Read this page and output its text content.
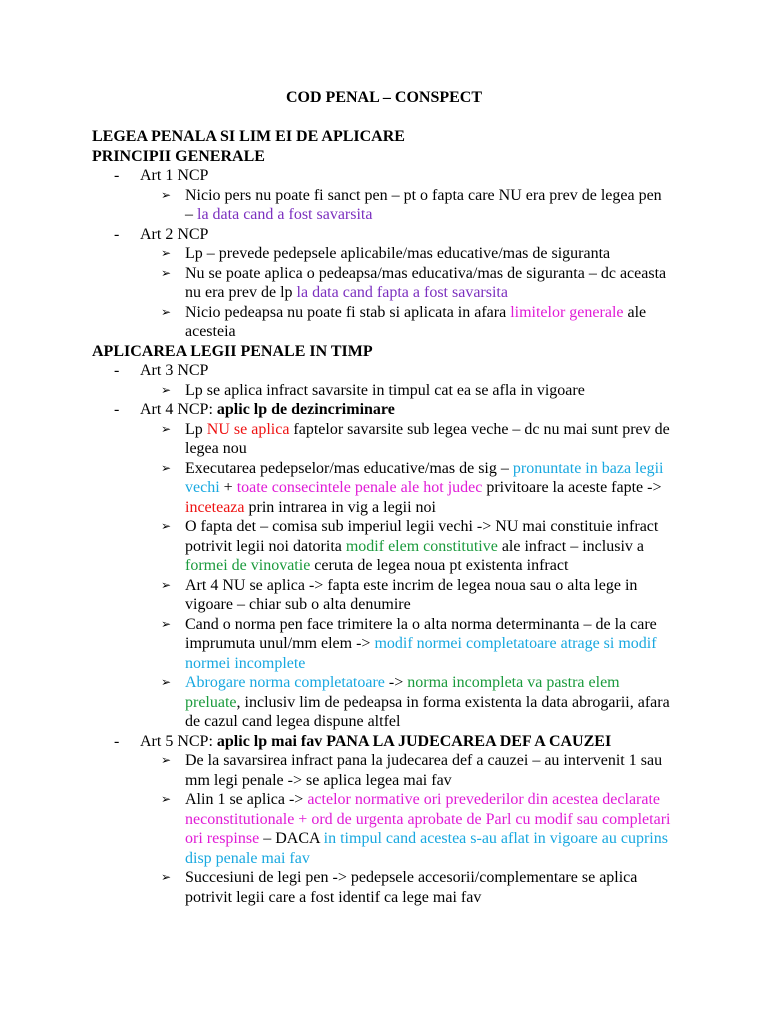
COD PENAL – CONSPECT
LEGEA PENALA SI LIM EI DE APLICARE
PRINCIPII GENERALE
- Art 1 NCP
➢ Nicio pers nu poate fi sanct pen – pt o fapta care NU era prev de legea pen – la data cand a fost savarsita
- Art 2 NCP
➢ Lp – prevede pedepsele aplicabile/mas educative/mas de siguranta
➢ Nu se poate aplica o pedeapsa/mas educativa/mas de siguranta – dc aceasta nu era prev de lp la data cand fapta a fost savarsita
➢ Nicio pedeapsa nu poate fi stab si aplicata in afara limitelor generale ale acesteia
APLICAREA LEGII PENALE IN TIMP
- Art 3 NCP
➢ Lp se aplica infract savarsite in timpul cat ea se afla in vigoare
- Art 4 NCP: aplic lp de dezincriminare
➢ Lp NU se aplica faptelor savarsite sub legea veche – dc nu mai sunt prev de legea nou
➢ Executarea pedepselor/mas educative/mas de sig – pronuntate in baza legii vechi + toate consecintele penale ale hot judec privitoare la aceste fapte -> inceteaza prin intrarea in vig a legii noi
➢ O fapta det – comisa sub imperiul legii vechi -> NU mai constituie infract potrivit legii noi datorita modif elem constitutive ale infract – inclusiv a formei de vinovatie ceruta de legea noua pt existenta infract
➢ Art 4 NU se aplica -> fapta este incrim de legea noua sau o alta lege in vigoare – chiar sub o alta denumire
➢ Cand o norma pen face trimitere la o alta norma determinanta – de la care imprumuta unul/mm elem -> modif normei completatoare atrage si modif normei incomplete
➢ Abrogare norma completatoare -> norma incompleta va pastra elem preluate, inclusiv lim de pedeapsa in forma existenta la data abrogarii, afara de cazul cand legea dispune altfel
- Art 5 NCP: aplic lp mai fav PANA LA JUDECAREA DEF A CAUZEI
➢ De la savarsirea infract pana la judecarea def a cauzei – au intervenit 1 sau mm legi penale -> se aplica legea mai fav
➢ Alin 1 se aplica -> actelor normative ori prevederilor din acestea declarate neconstitutionale + ord de urgenta aprobate de Parl cu modif sau completari ori respinse – DACA in timpul cand acestea s-au aflat in vigoare au cuprins disp penale mai fav
➢ Succesiuni de legi pen -> pedepsele accesorii/complementare se aplica potrivit legii care a fost identif ca lege mai fav
